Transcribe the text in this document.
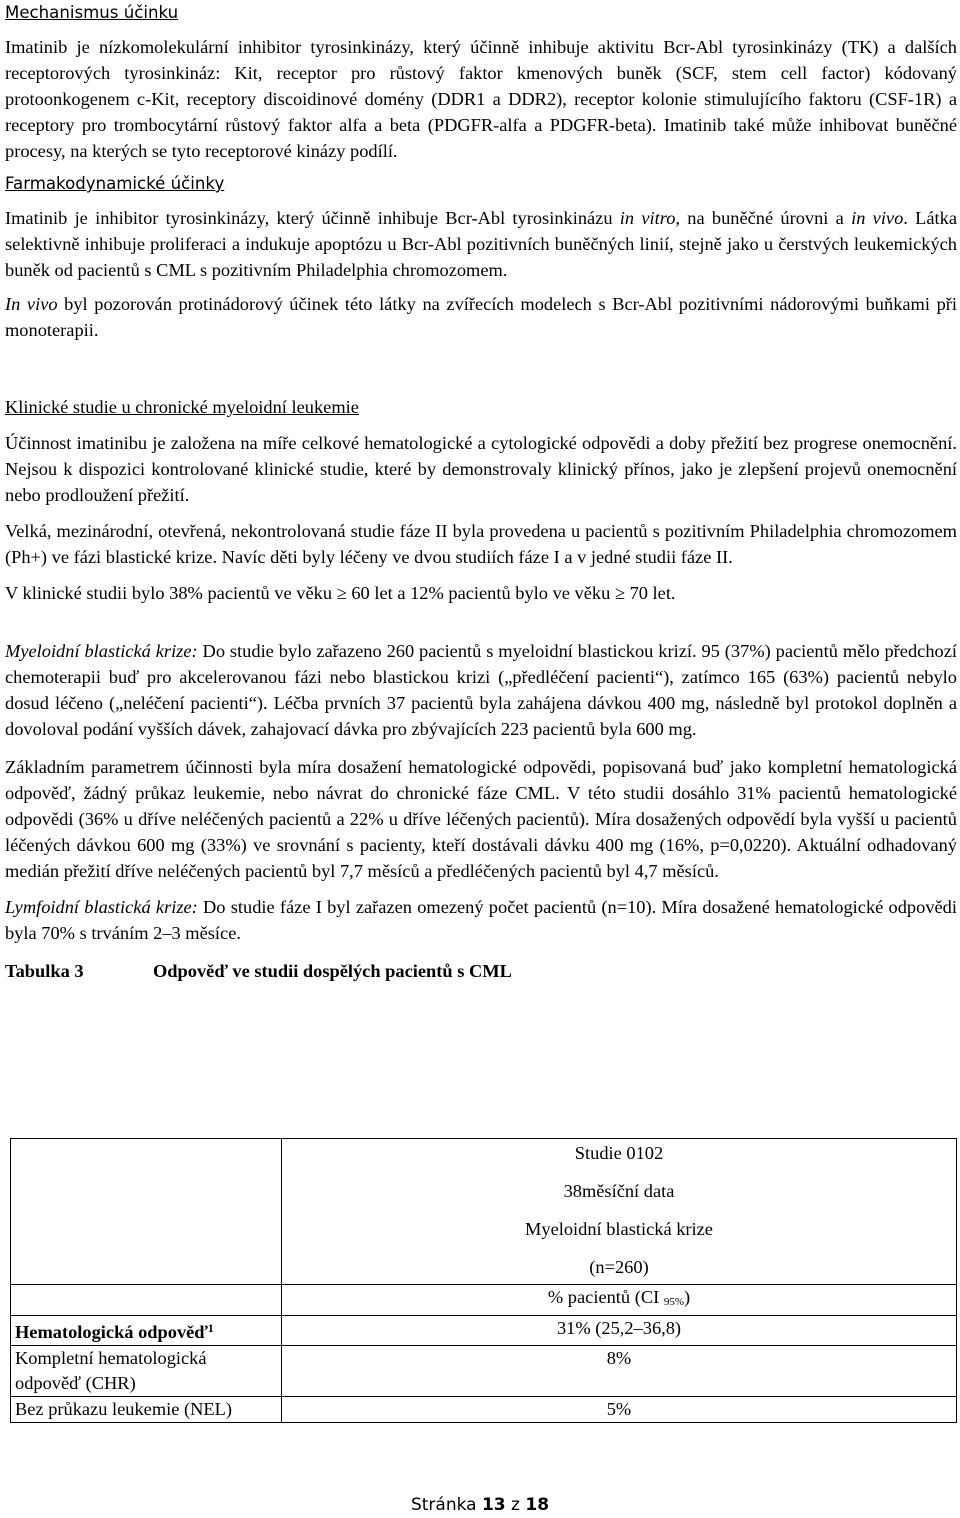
Mechanismus účinku

Imatinib je nízkomolekulární inhibitor tyrosinkinázy, který účinně inhibuje aktivitu Bcr-Abl tyrosinkinázy (TK) a dalších receptorových tyrosinkináz: Kit, receptor pro růstový faktor kmenových buněk (SCF, stem cell factor) kódovaný protoonkogenem c-Kit, receptory discoidinové domény (DDR1 a DDR2), receptor kolonie stimulujícího faktoru (CSF-1R) a receptory pro trombocytární růstový faktor alfa a beta (PDGFR-alfa a PDGFR-beta). Imatinib také může inhibovat buněčné procesy, na kterých se tyto receptorové kinázy podílí.

Farmakodynamické účinky

Imatinib je inhibitor tyrosinkinázy, který účinně inhibuje Bcr-Abl tyrosinkinázu in vitro, na buněčné úrovni a in vivo. Látka selektivně inhibuje proliferaci a indukuje apoptózu u Bcr-Abl pozitivních buněčných linií, stejně jako u čerstvých leukemických buněk od pacientů s CML s pozitivním Philadelphia chromozomem.

In vivo byl pozorován protinádorový účinek této látky na zvířecích modelech s Bcr-Abl pozitivními nádorovými buňkami při monoterapii.

Klinické studie u chronické myeloidní leukemie

Účinnost imatinibu je založena na míře celkové hematologické a cytologické odpovědi a doby přežití bez progrese onemocnění. Nejsou k dispozici kontrolované klinické studie, které by demonstrovaly klinický přínos, jako je zlepšení projevů onemocnění nebo prodloužení přežití.

Velká, mezinárodní, otevřená, nekontrolovaná studie fáze II byla provedena u pacientů s pozitivním Philadelphia chromozomem (Ph+) ve fázi blastické krize. Navíc děti byly léčeny ve dvou studiích fáze I a v jedné studii fáze II.

V klinické studii bylo 38% pacientů ve věku ≥ 60 let a 12% pacientů bylo ve věku ≥ 70 let.

Myeloidní blastická krize: Do studie bylo zařazeno 260 pacientů s myeloidní blastickou krizí. 95 (37%) pacientů mělo předchozí chemoterapii buď pro akcelerovanou fázi nebo blastickou krizi („předléčení pacienti“), zatímco 165 (63%) pacientů nebylo dosud léčeno („neléčení pacienti“). Léčba prvních 37 pacientů byla zahájena dávkou 400 mg, následně byl protokol doplněn a dovoloval podání vyšších dávek, zahajovací dávka pro zbývajících 223 pacientů byla 600 mg.

Základním parametrem účinnosti byla míra dosažení hematologické odpovědi, popisovaná buď jako kompletní hematologická odpověď, žádný průkaz leukemie, nebo návrat do chronické fáze CML. V této studii dosáhlo 31% pacientů hematologické odpovědi (36% u dříve neléčených pacientů a 22% u dříve léčených pacientů). Míra dosažených odpovědí byla vyšší u pacientů léčených dávkou 600 mg (33%) ve srovnání s pacienty, kteří dostávali dávku 400 mg (16%, p=0,0220). Aktuální odhadovaný medián přežití dříve neléčených pacientů byl 7,7 měsíců a předléčených pacientů byl 4,7 měsíců.

Lymfoidní blastická krize: Do studie fáze I byl zařazen omezený počet pacientů (n=10). Míra dosažené hematologické odpovědi byla 70% s trváním 2–3 měsíce.

Tabulka 3	Odpověď ve studii dospělých pacientů s CML

	Studie 0102
38měsíční data
Myeloidní blastická krize
(n=260)

	% pacientů (CI $_{95\%}$)
Hematologická odpověď$^1$	31% (25,2–36,8)
Kompletní hematologická odpověď (CHR)	8%
Bez průkazu leukemie (NEL)	5%
Stránka 13 z 18
